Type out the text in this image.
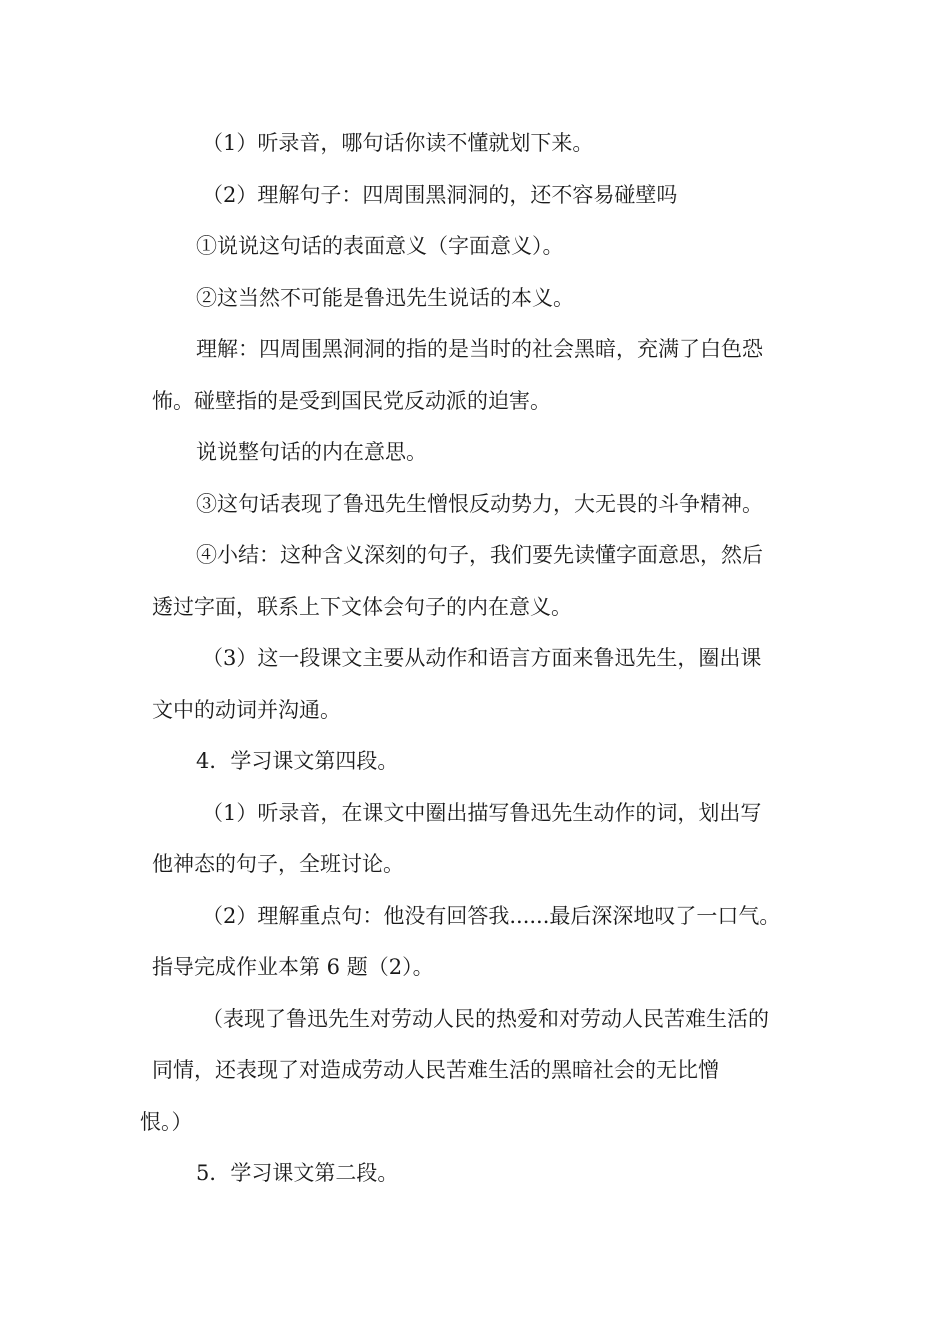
（1）听录音，哪句话你读不懂就划下来。
（2）理解句子：四周围黑洞洞的，还不容易碰壁吗
①说说这句话的表面意义（字面意义）。
②这当然不可能是鲁迅先生说话的本义。
理解：四周围黑洞洞的指的是当时的社会黑暗，充满了白色恐
怖。碰壁指的是受到国民党反动派的迫害。
说说整句话的内在意思。
③这句话表现了鲁迅先生憎恨反动势力，大无畏的斗争精神。
④小结：这种含义深刻的句子，我们要先读懂字面意思，然后
透过字面，联系上下文体会句子的内在意义。
（3）这一段课文主要从动作和语言方面来鲁迅先生，圈出课
文中的动词并沟通。
4．学习课文第四段。
（1）听录音，在课文中圈出描写鲁迅先生动作的词，划出写
他神态的句子，全班讨论。
（2）理解重点句：他没有回答我......最后深深地叹了一口气。
指导完成作业本第 6 题（2）。
（表现了鲁迅先生对劳动人民的热爱和对劳动人民苦难生活的
同情，还表现了对造成劳动人民苦难生活的黑暗社会的无比憎
恨。）
5．学习课文第二段。
